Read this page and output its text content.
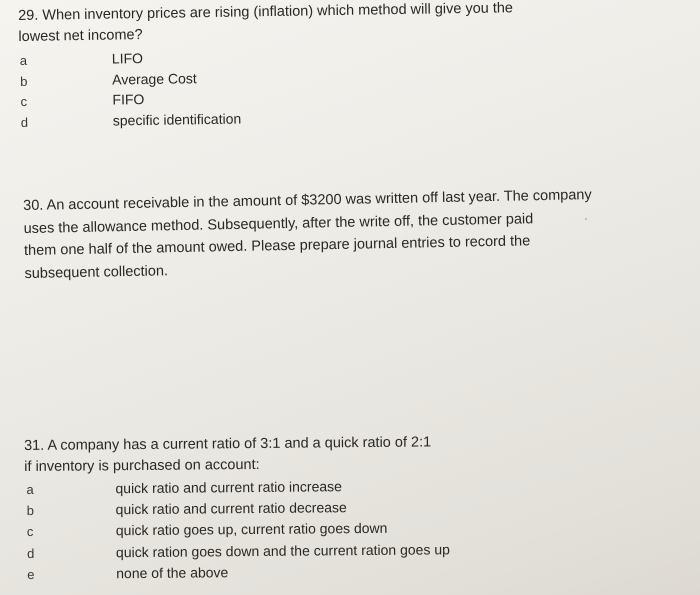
29. When inventory prices are rising (inflation) which method will give you the

lowest net income?

a	LIFO
b	Average Cost
c	FIFO
d	specific identification

30. An account receivable in the amount of $3200 was written off last year. The company

uses the allowance method. Subsequently, after the write off, the customer paid

them one half of the amount owed. Please prepare journal entries to record the

subsequent collection.

31. A company has a current ratio of 3:1 and a quick ratio of 2:1

if inventory is purchased on account:

a	quick ratio and current ratio increase
b	quick ratio and current ratio decrease
c	quick ratio goes up, current ratio goes down
d	quick ration goes down and the current ration goes up
e	none of the above
